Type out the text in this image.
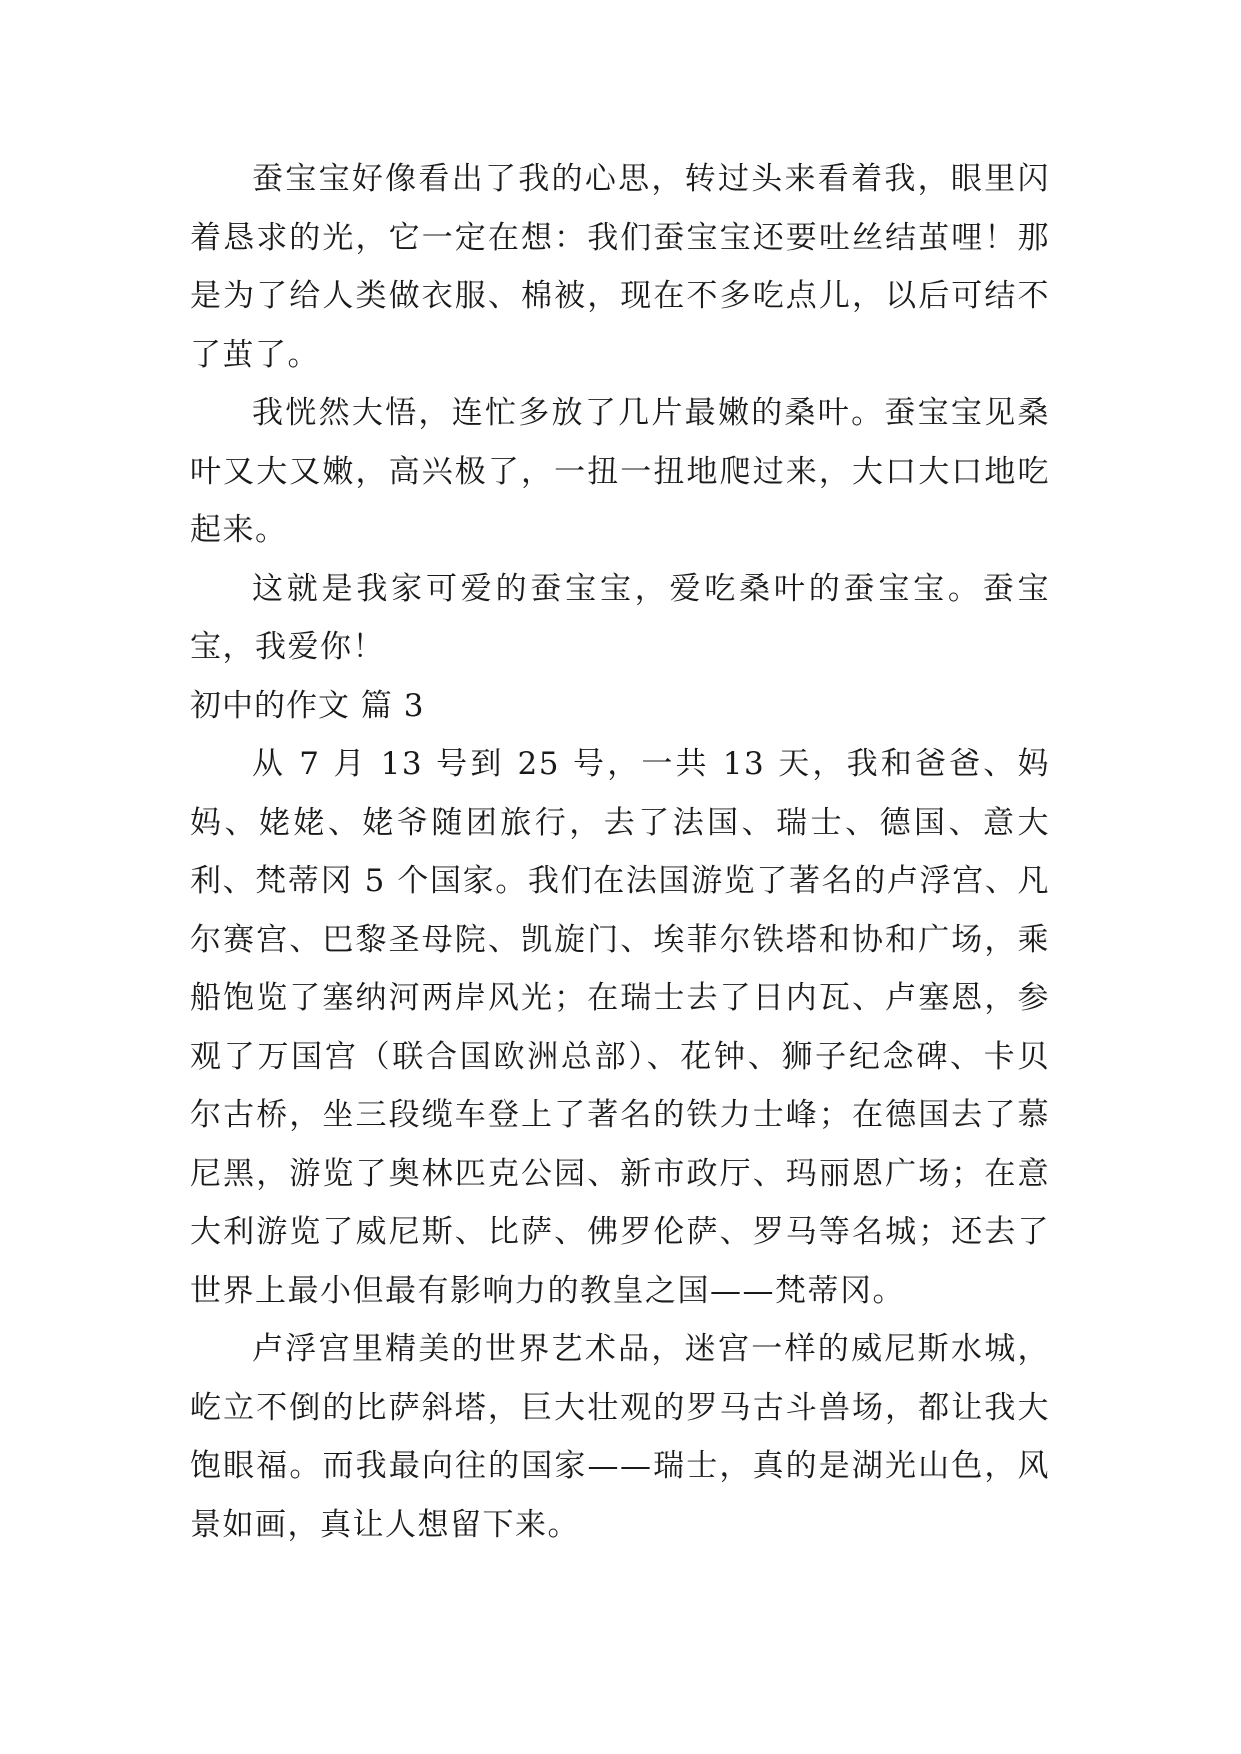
蚕宝宝好像看出了我的心思，转过头来看着我，眼里闪着恳求的光，它一定在想：我们蚕宝宝还要吐丝结茧哩！那是为了给人类做衣服、棉被，现在不多吃点儿，以后可结不了茧了。

我恍然大悟，连忙多放了几片最嫩的桑叶。蚕宝宝见桑叶又大又嫩，高兴极了，一扭一扭地爬过来，大口大口地吃起来。

这就是我家可爱的蚕宝宝，爱吃桑叶的蚕宝宝。蚕宝宝，我爱你！

初中的作文 篇 3

从 7 月 13 号到 25 号，一共 13 天，我和爸爸、妈妈、姥姥、姥爷随团旅行，去了法国、瑞士、德国、意大利、梵蒂冈 5 个国家。我们在法国游览了著名的卢浮宫、凡尔赛宫、巴黎圣母院、凯旋门、埃菲尔铁塔和协和广场，乘船饱览了塞纳河两岸风光；在瑞士去了日内瓦、卢塞恩，参观了万国宫（联合国欧洲总部）、花钟、狮子纪念碑、卡贝尔古桥，坐三段缆车登上了著名的铁力士峰；在德国去了慕尼黑，游览了奥林匹克公园、新市政厅、玛丽恩广场；在意大利游览了威尼斯、比萨、佛罗伦萨、罗马等名城；还去了世界上最小但最有影响力的教皇之国——梵蒂冈。

卢浮宫里精美的世界艺术品，迷宫一样的威尼斯水城，屹立不倒的比萨斜塔，巨大壮观的罗马古斗兽场，都让我大饱眼福。而我最向往的国家——瑞士，真的是湖光山色，风景如画，真让人想留下来。
